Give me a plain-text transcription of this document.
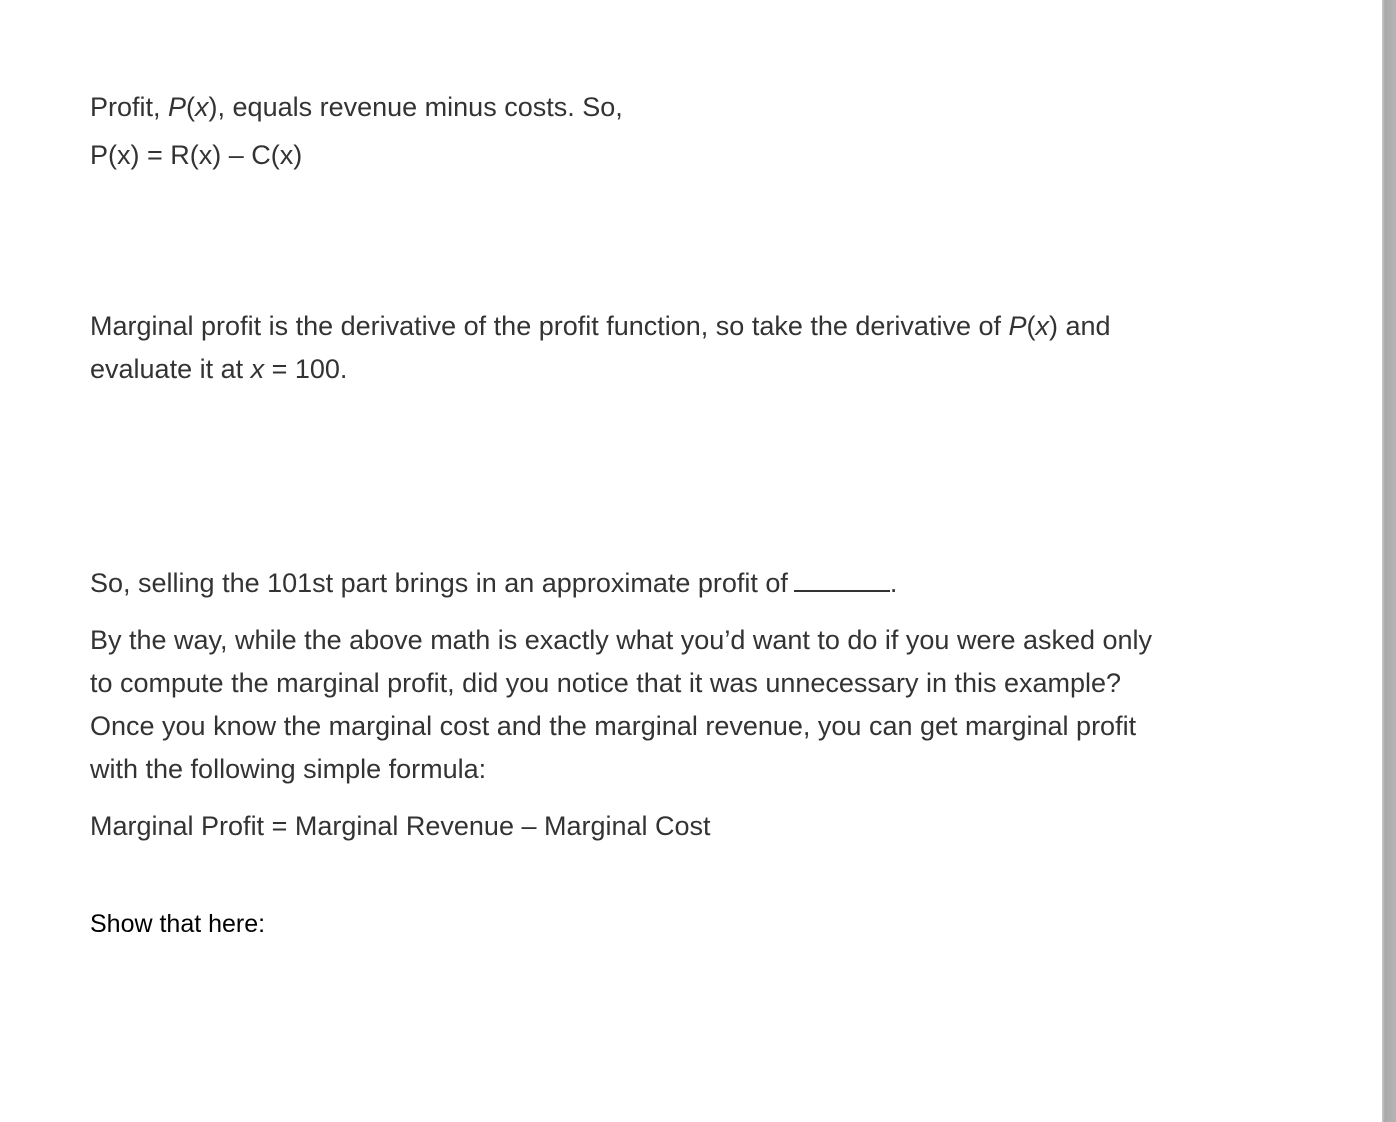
Profit, P(x), equals revenue minus costs. So,

P(x) = R(x) – C(x)

Marginal profit is the derivative of the profit function, so take the derivative of P(x) and

evaluate it at x = 100.

So, selling the 101st part brings in an approximate profit of	.

By the way, while the above math is exactly what you’d want to do if you were asked only to compute the marginal profit, did you notice that it was unnecessary in this example? Once you know the marginal cost and the marginal revenue, you can get marginal profit with the following simple formula:

Marginal Profit = Marginal Revenue – Marginal Cost

Show that here:
